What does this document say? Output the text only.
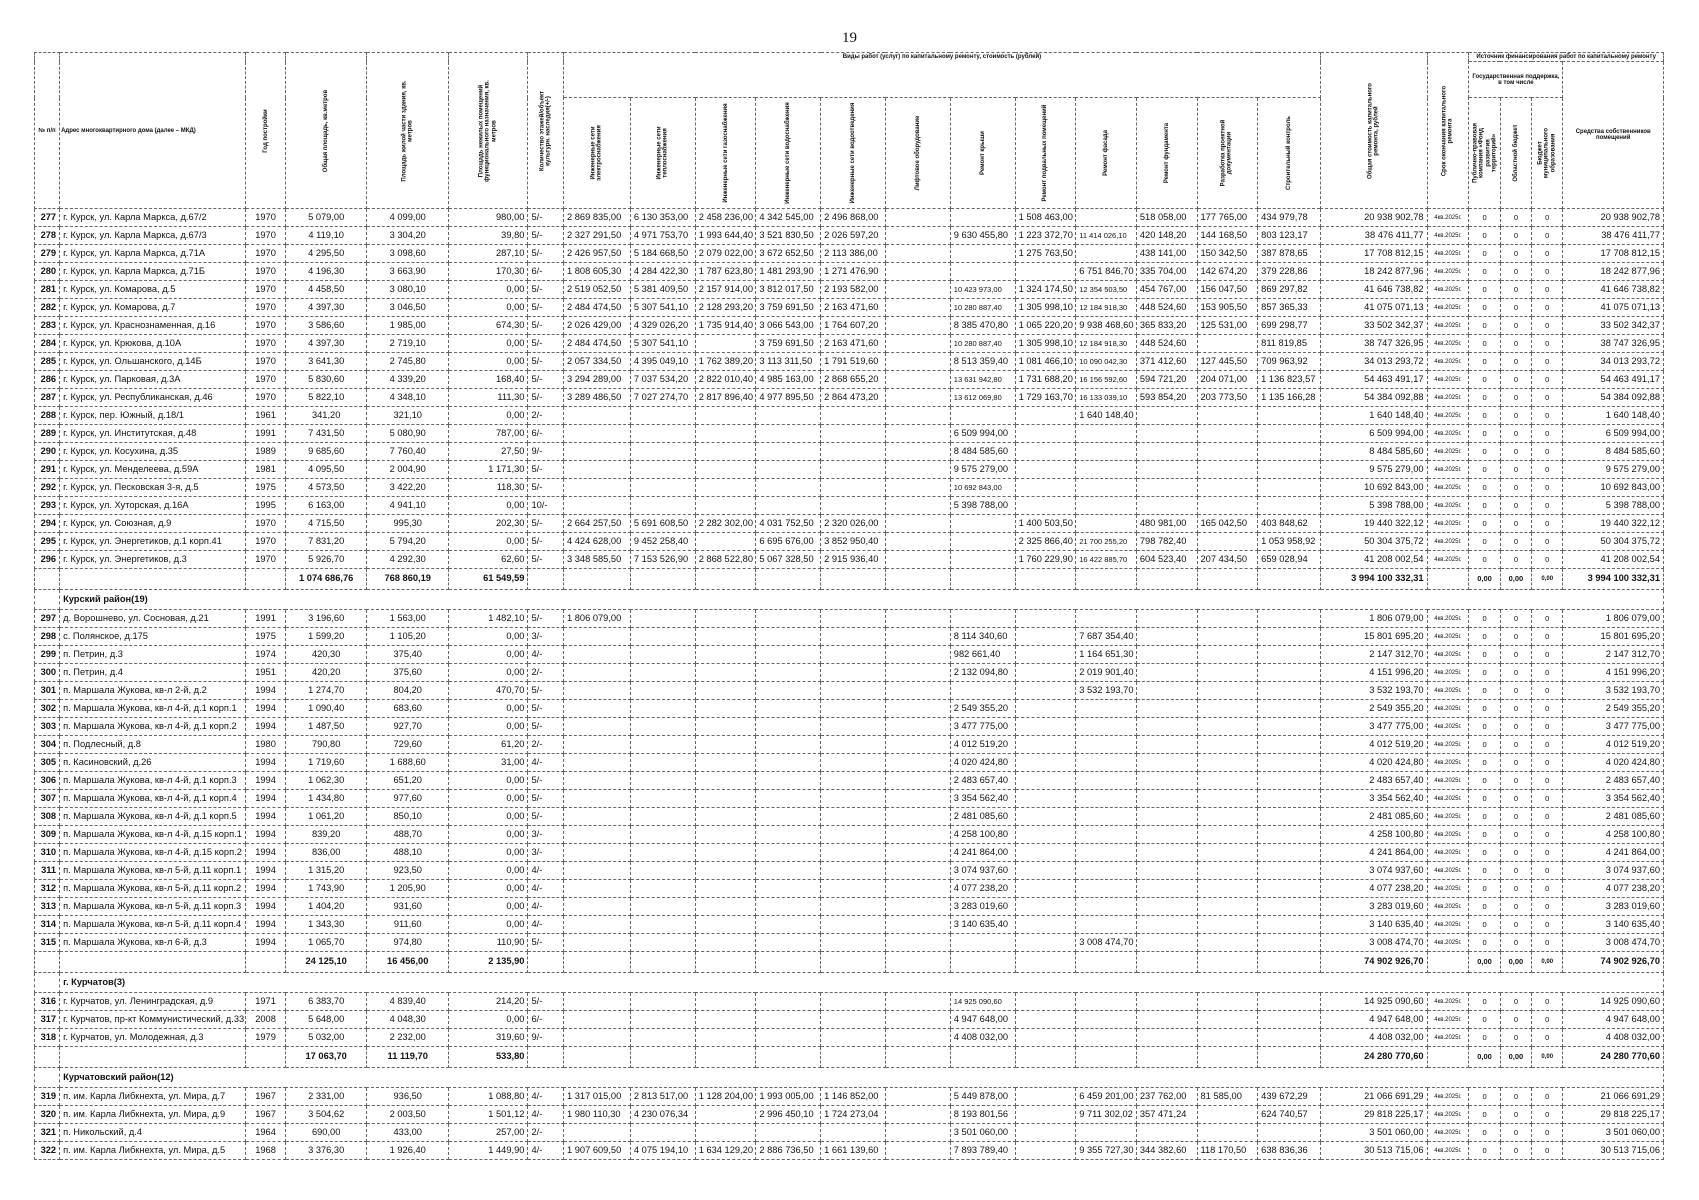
19
№ п/п	Адрес многоквартирного дома (далее – МКД)	Год постройки	Общая площадь, кв.метров	Площадь жилой части здания, кв. метров	Площадь нежилых помещений функционального назначения, кв. метров	Количество этажей/объект культурн. наследия(+/-)	Виды работ (услуг) по капитальному ремонту, стоимость (рублей)												Общая стоимость капитального ремонта, рублей	Срок окончания капитального ремонта	Источник финансирования работ по капитальному ремонту			
																					Государственная поддержка, в том числе			Средства собственников помещений

							Инженерные сети электроснабжения	Инженерные сети теплоснабжения	Инженерные сети газоснабжения	Инженерные сети водоснабжения	Инженерные сети водоотведения	Лифтовое оборудование	Ремонт крыши	Ремонт подвальных помещений	Ремонт фасада	Ремонт фундамента	Разработка проектной документации	Строительный контроль			Публично-правовая компания «Фонд развития территорий»	Областной бюджет	Бюджет муниципального образования	

277	г. Курск, ул. Карла Маркса, д.67/2	1970	5 079,00	4 099,00	980,00	5/-	2 869 835,00	6 130 353,00	2 458 236,00	4 342 545,00	2 496 868,00			1 508 463,00		518 058,00	177 765,00	434 979,78	20 938 902,78	4кв.2025г.	0	0	0	20 938 902,78
278	г. Курск, ул. Карла Маркса, д.67/3	1970	4 119,10	3 304,20	39,80	5/-	2 327 291,50	4 971 753,70	1 993 644,40	3 521 830,50	2 026 597,20		9 630 455,80	1 223 372,70	11 414 026,10	420 148,20	144 168,50	803 123,17	38 476 411,77	4кв.2025г.	0	0	0	38 476 411,77
279	г. Курск, ул. Карла Маркса, д.71А	1970	4 295,50	3 098,60	287,10	5/-	2 426 957,50	5 184 668,50	2 079 022,00	3 672 652,50	2 113 386,00			1 275 763,50		438 141,00	150 342,50	387 878,65	17 708 812,15	4кв.2025г.	0	0	0	17 708 812,15
280	г. Курск, ул. Карла Маркса, д.71Б	1970	4 196,30	3 663,90	170,30	6/-	1 808 605,30	4 284 422,30	1 787 623,80	1 481 293,90	1 271 476,90				6 751 846,70	335 704,00	142 674,20	379 228,86	18 242 877,96	4кв.2025г.	0	0	0	18 242 877,96
281	г. Курск, ул. Комарова, д.5	1970	4 458,50	3 080,10	0,00	5/-	2 519 052,50	5 381 409,50	2 157 914,00	3 812 017,50	2 193 582,00		10 423 973,00	1 324 174,50	12 354 503,50	454 767,00	156 047,50	869 297,82	41 646 738,82	4кв.2025г.	0	0	0	41 646 738,82
282	г. Курск, ул. Комарова, д.7	1970	4 397,30	3 046,50	0,00	5/-	2 484 474,50	5 307 541,10	2 128 293,20	3 759 691,50	2 163 471,60		10 280 887,40	1 305 998,10	12 184 918,30	448 524,60	153 905,50	857 365,33	41 075 071,13	4кв.2025г.	0	0	0	41 075 071,13
283	г. Курск, ул. Краснознаменная, д.16	1970	3 586,60	1 985,00	674,30	5/-	2 026 429,00	4 329 026,20	1 735 914,40	3 066 543,00	1 764 607,20		8 385 470,80	1 065 220,20	9 938 468,60	365 833,20	125 531,00	699 298,77	33 502 342,37	4кв.2025г.	0	0	0	33 502 342,37
284	г. Курск, ул. Крюкова, д.10А	1970	4 397,30	2 719,10	0,00	5/-	2 484 474,50	5 307 541,10		3 759 691,50	2 163 471,60		10 280 887,40	1 305 998,10	12 184 918,30	448 524,60		811 819,85	38 747 326,95	4кв.2025г.	0	0	0	38 747 326,95
285	г. Курск, ул. Ольшанского, д.14Б	1970	3 641,30	2 745,80	0,00	5/-	2 057 334,50	4 395 049,10	1 762 389,20	3 113 311,50	1 791 519,60		8 513 359,40	1 081 466,10	10 090 042,30	371 412,60	127 445,50	709 963,92	34 013 293,72	4кв.2025г.	0	0	0	34 013 293,72
286	г. Курск, ул. Парковая, д.3А	1970	5 830,60	4 339,20	168,40	5/-	3 294 289,00	7 037 534,20	2 822 010,40	4 985 163,00	2 868 655,20		13 631 942,80	1 731 688,20	16 156 592,60	594 721,20	204 071,00	1 136 823,57	54 463 491,17	4кв.2025г.	0	0	0	54 463 491,17
287	г. Курск, ул. Республиканская, д.46	1970	5 822,10	4 348,10	111,30	5/-	3 289 486,50	7 027 274,70	2 817 896,40	4 977 895,50	2 864 473,20		13 612 069,80	1 729 163,70	16 133 039,10	593 854,20	203 773,50	1 135 166,28	54 384 092,88	4кв.2025г.	0	0	0	54 384 092,88
288	г. Курск, пер. Южный, д.18/1	1961	341,20	321,10	0,00	2/-									1 640 148,40				1 640 148,40	4кв.2025г.	0	0	0	1 640 148,40
289	г. Курск, ул. Институтская, д.48	1991	7 431,50	5 080,90	787,00	6/-							6 509 994,00						6 509 994,00	4кв.2025г.	0	0	0	6 509 994,00
290	г. Курск, ул. Косухина, д.35	1989	9 685,60	7 760,40	27,50	9/-							8 484 585,60						8 484 585,60	4кв.2025г.	0	0	0	8 484 585,60
291	г. Курск, ул. Менделеева, д.59А	1981	4 095,50	2 004,90	1 171,30	5/-							9 575 279,00						9 575 279,00	4кв.2025г.	0	0	0	9 575 279,00
292	г. Курск, ул. Песковская 3-я, д.5	1975	4 573,50	3 422,20	118,30	5/-							10 692 843,00						10 692 843,00	4кв.2025г.	0	0	0	10 692 843,00
293	г. Курск, ул. Хуторская, д.16А	1995	6 163,00	4 941,10	0,00	10/-							5 398 788,00						5 398 788,00	4кв.2025г.	0	0	0	5 398 788,00
294	г. Курск, ул. Союзная, д.9	1970	4 715,50	995,30	202,30	5/-	2 664 257,50	5 691 608,50	2 282 302,00	4 031 752,50	2 320 026,00			1 400 503,50		480 981,00	165 042,50	403 848,62	19 440 322,12	4кв.2025г.	0	0	0	19 440 322,12
295	г. Курск, ул. Энергетиков, д.1 корп.41	1970	7 831,20	5 794,20	0,00	5/-	4 424 628,00	9 452 258,40		6 695 676,00	3 852 950,40			2 325 866,40	21 700 255,20	798 782,40		1 053 958,92	50 304 375,72	4кв.2025г.	0	0	0	50 304 375,72
296	г. Курск, ул. Энергетиков, д.3	1970	5 926,70	4 292,30	62,60	5/-	3 348 585,50	7 153 526,90	2 868 522,80	5 067 328,50	2 915 936,40			1 760 229,90	16 422 885,70	604 523,40	207 434,50	659 028,94	41 208 002,54	4кв.2025г.	0	0	0	41 208 002,54
			1 074 686,76	768 860,19	61 549,59														3 994 100 332,31		0,00	0,00	0,00	3 994 100 332,31
	Курский район(19)																							
297	д. Ворошнево, ул. Сосновая, д.21	1991	3 196,60	1 563,00	1 482,10	5/-	1 806 079,00												1 806 079,00	4кв.2025г.	0	0	0	1 806 079,00
298	с. Полянское, д.175	1975	1 599,20	1 105,20	0,00	3/-							8 114 340,60		7 687 354,40				15 801 695,20	4кв.2025г.	0	0	0	15 801 695,20
299	п. Петрин, д.3	1974	420,30	375,40	0,00	4/-							982 661,40		1 164 651,30				2 147 312,70	4кв.2025г.	0	0	0	2 147 312,70
300	п. Петрин, д.4	1951	420,20	375,60	0,00	2/-							2 132 094,80		2 019 901,40				4 151 996,20	4кв.2025г.	0	0	0	4 151 996,20
301	п. Маршала Жукова, кв-л 2-й, д.2	1994	1 274,70	804,20	470,70	5/-									3 532 193,70				3 532 193,70	4кв.2025г.	0	0	0	3 532 193,70
302	п. Маршала Жукова, кв-л 4-й, д.1 корп.1	1994	1 090,40	683,60	0,00	5/-							2 549 355,20						2 549 355,20	4кв.2025г.	0	0	0	2 549 355,20
303	п. Маршала Жукова, кв-л 4-й, д.1 корп.2	1994	1 487,50	927,70	0,00	5/-							3 477 775,00						3 477 775,00	4кв.2025г.	0	0	0	3 477 775,00
304	п. Подлесный, д.8	1980	790,80	729,60	61,20	2/-							4 012 519,20						4 012 519,20	4кв.2025г.	0	0	0	4 012 519,20
305	п. Касиновский, д.26	1994	1 719,60	1 688,60	31,00	4/-							4 020 424,80						4 020 424,80	4кв.2025г.	0	0	0	4 020 424,80
306	п. Маршала Жукова, кв-л 4-й, д.1 корп.3	1994	1 062,30	651,20	0,00	5/-							2 483 657,40						2 483 657,40	4кв.2025г.	0	0	0	2 483 657,40
307	п. Маршала Жукова, кв-л 4-й, д.1 корп.4	1994	1 434,80	977,60	0,00	5/-							3 354 562,40						3 354 562,40	4кв.2025г.	0	0	0	3 354 562,40
308	п. Маршала Жукова, кв-л 4-й, д.1 корп.5	1994	1 061,20	850,10	0,00	5/-							2 481 085,60						2 481 085,60	4кв.2025г.	0	0	0	2 481 085,60
309	п. Маршала Жукова, кв-л 4-й, д.15 корп.1	1994	839,20	488,70	0,00	3/-							4 258 100,80						4 258 100,80	4кв.2025г.	0	0	0	4 258 100,80
310	п. Маршала Жукова, кв-л 4-й, д.15 корп.2	1994	836,00	488,10	0,00	3/-							4 241 864,00						4 241 864,00	4кв.2025г.	0	0	0	4 241 864,00
311	п. Маршала Жукова, кв-л 5-й, д.11 корп.1	1994	1 315,20	923,50	0,00	4/-							3 074 937,60						3 074 937,60	4кв.2025г.	0	0	0	3 074 937,60
312	п. Маршала Жукова, кв-л 5-й, д.11 корп.2	1994	1 743,90	1 205,90	0,00	4/-							4 077 238,20						4 077 238,20	4кв.2025г.	0	0	0	4 077 238,20
313	п. Маршала Жукова, кв-л 5-й, д.11 корп.3	1994	1 404,20	931,60	0,00	4/-							3 283 019,60						3 283 019,60	4кв.2025г.	0	0	0	3 283 019,60
314	п. Маршала Жукова, кв-л 5-й, д.11 корп.4	1994	1 343,30	911,60	0,00	4/-							3 140 635,40						3 140 635,40	4кв.2025г.	0	0	0	3 140 635,40
315	п. Маршала Жукова, кв-л 6-й, д.3	1994	1 065,70	974,80	110,90	5/-									3 008 474,70				3 008 474,70	4кв.2025г.	0	0	0	3 008 474,70
			24 125,10	16 456,00	2 135,90														74 902 926,70		0,00	0,00	0,00	74 902 926,70
	г. Курчатов(3)																							
316	г. Курчатов, ул. Ленинградская, д.9	1971	6 383,70	4 839,40	214,20	5/-							14 925 090,60						14 925 090,60	4кв.2025г.	0	0	0	14 925 090,60
317	г. Курчатов, пр-кт Коммунистический, д.33	2008	5 648,00	4 048,30	0,00	6/-							4 947 648,00						4 947 648,00	4кв.2025г.	0	0	0	4 947 648,00
318	г. Курчатов, ул. Молодежная, д.3	1979	5 032,00	2 232,00	319,60	9/-							4 408 032,00						4 408 032,00	4кв.2025г.	0	0	0	4 408 032,00
			17 063,70	11 119,70	533,80														24 280 770,60		0,00	0,00	0,00	24 280 770,60
	Курчатовский район(12)																							
319	п. им. Карла Либкнехта, ул. Мира, д.7	1967	2 331,00	936,50	1 088,80	4/-	1 317 015,00	2 813 517,00	1 128 204,00	1 993 005,00	1 146 852,00		5 449 878,00		6 459 201,00	237 762,00	81 585,00	439 672,29	21 066 691,29	4кв.2025г.	0	0	0	21 066 691,29
320	п. им. Карла Либкнехта, ул. Мира, д.9	1967	3 504,62	2 003,50	1 501,12	4/-	1 980 110,30	4 230 076,34		2 996 450,10	1 724 273,04		8 193 801,56		9 711 302,02	357 471,24		624 740,57	29 818 225,17	4кв.2025г.	0	0	0	29 818 225,17
321	п. Никольский, д.4	1964	690,00	433,00	257,00	2/-							3 501 060,00						3 501 060,00	4кв.2025г.	0	0	0	3 501 060,00
322	п. им. Карла Либкнехта, ул. Мира, д.5	1968	3 376,30	1 926,40	1 449,90	4/-	1 907 609,50	4 075 194,10	1 634 129,20	2 886 736,50	1 661 139,60		7 893 789,40		9 355 727,30	344 382,60	118 170,50	638 836,36	30 513 715,06	4кв.2025г.	0	0	0	30 513 715,06
